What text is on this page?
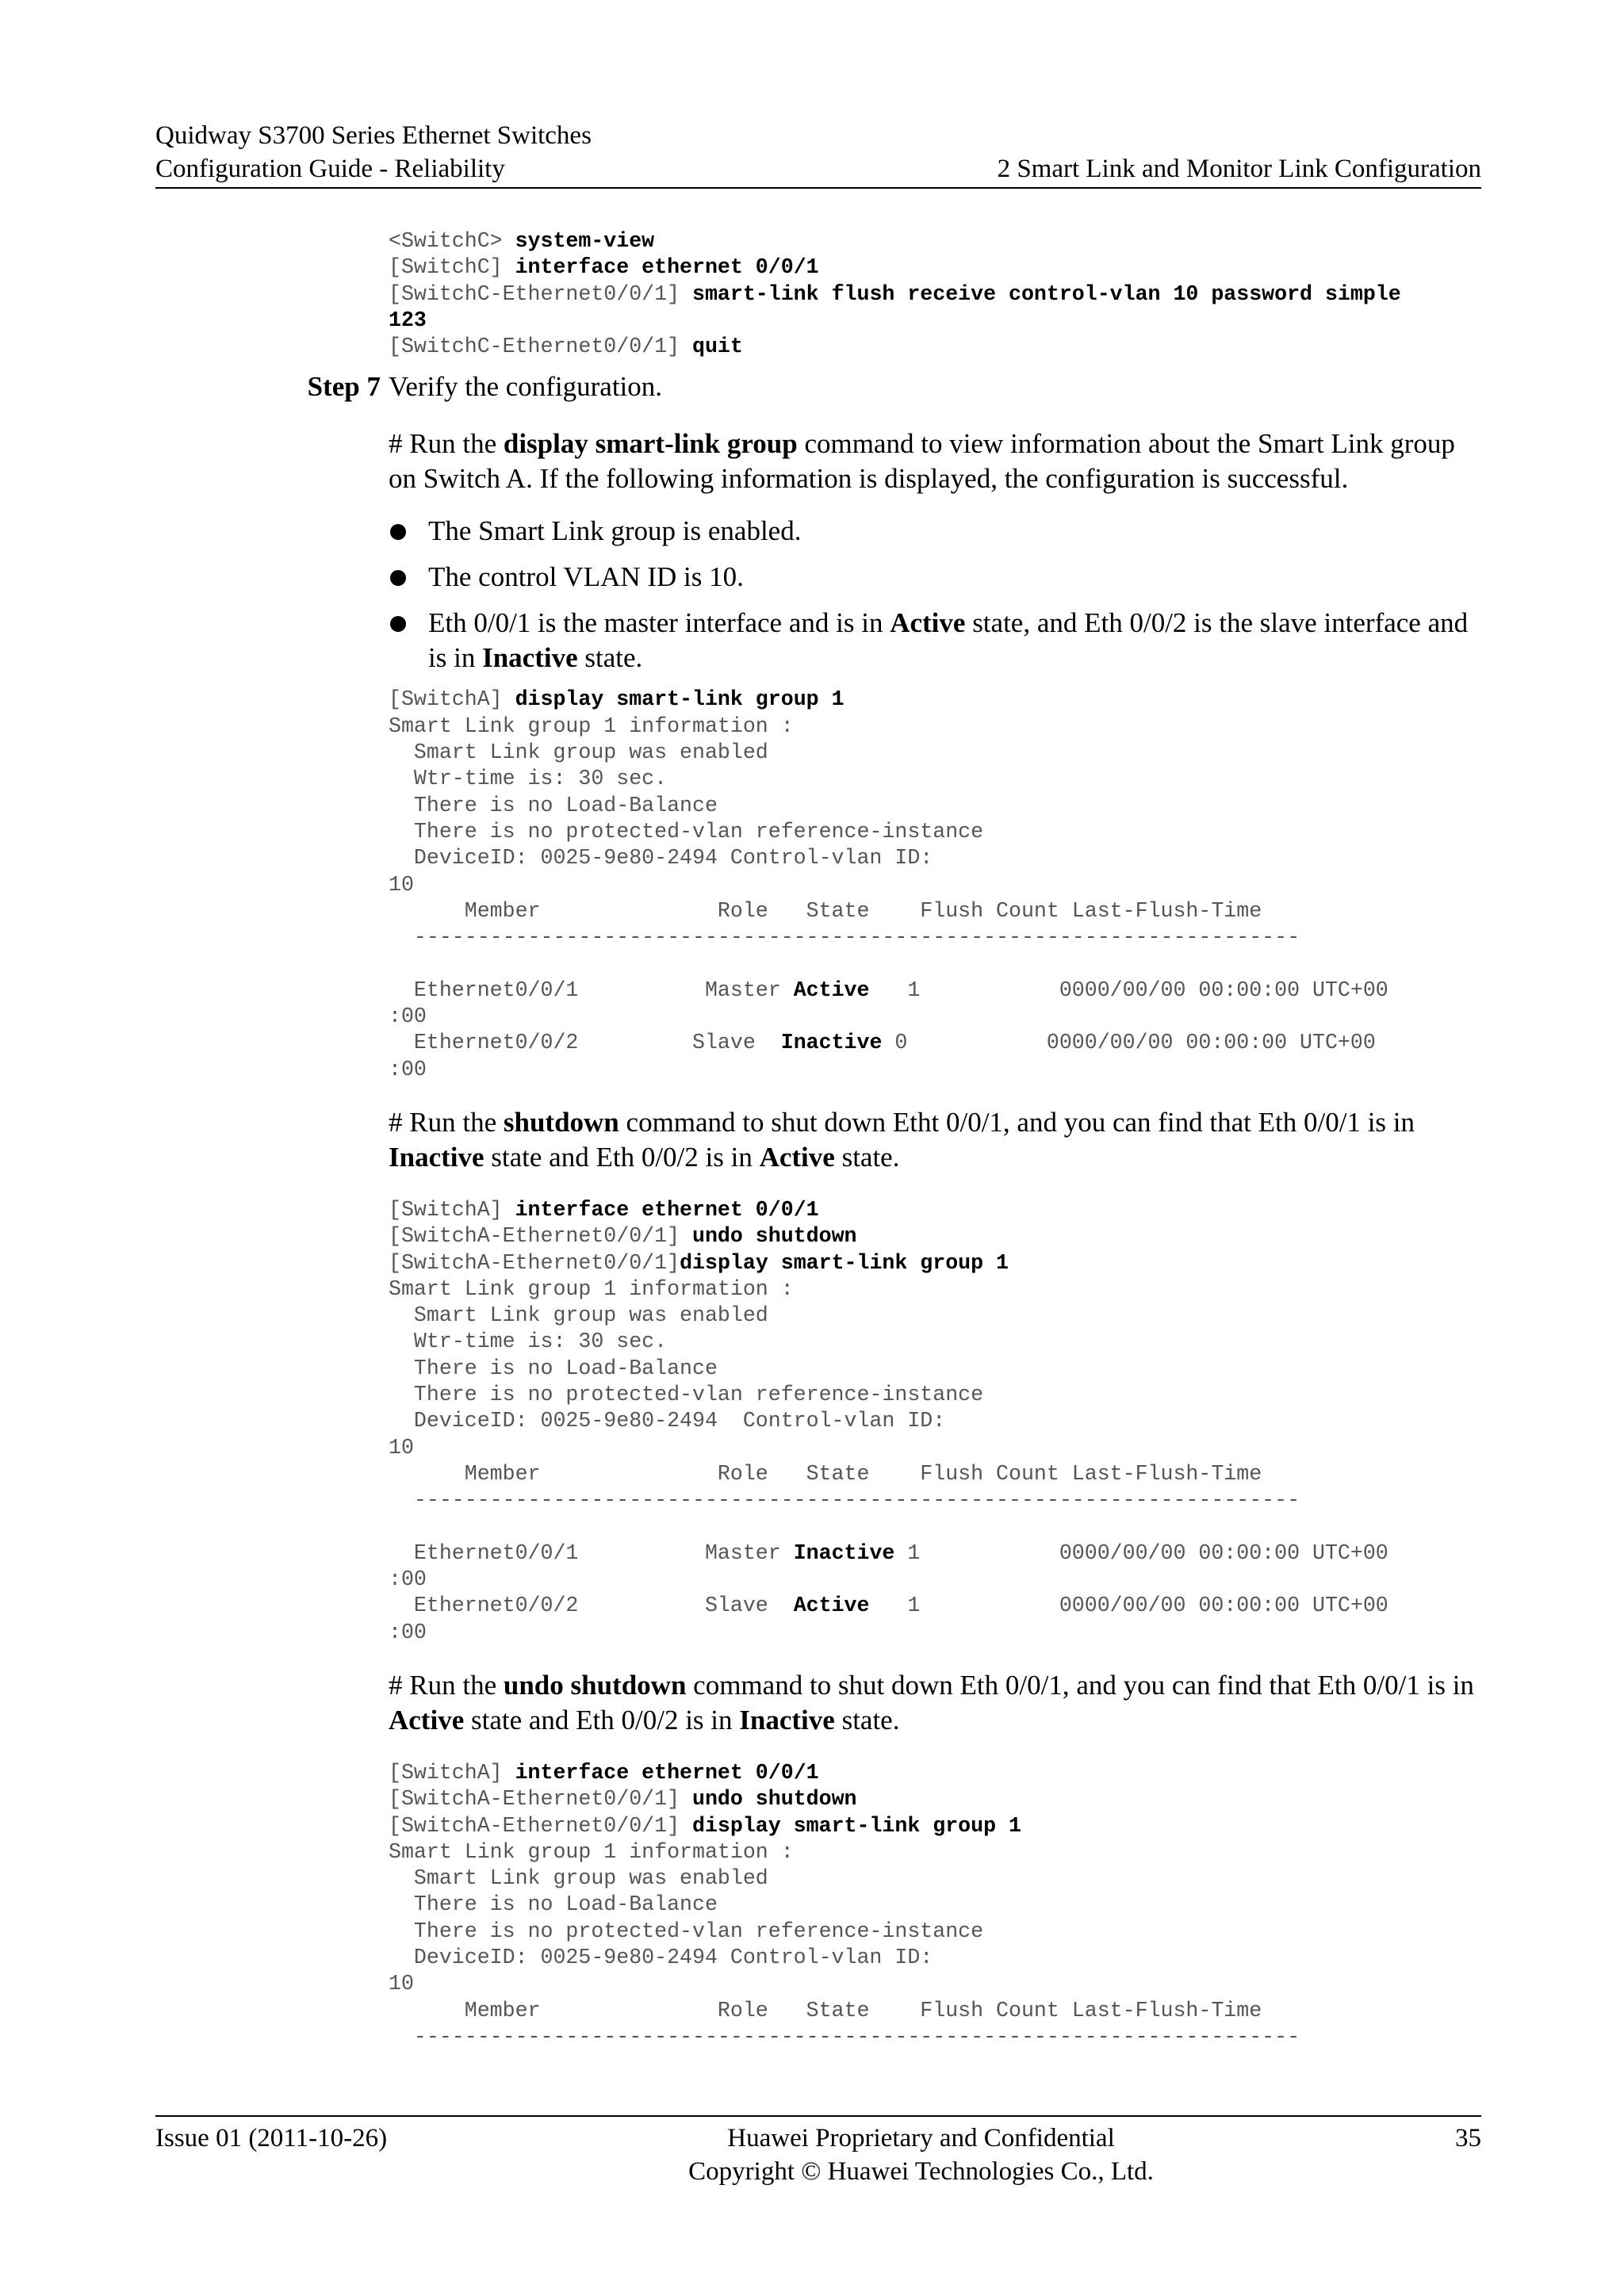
Quidway S3700 Series Ethernet Switches
Configuration Guide - Reliability	2 Smart Link and Monitor Link Configuration
<SwitchC> system-view
[SwitchC] interface ethernet 0/0/1
[SwitchC-Ethernet0/0/1] smart-link flush receive control-vlan 10 password simple
123
[SwitchC-Ethernet0/0/1] quit
Step 7 Verify the configuration.

# Run the display smart-link group command to view information about the Smart Link group on Switch A. If the following information is displayed, the configuration is successful.

The Smart Link group is enabled.
The control VLAN ID is 10.
Eth 0/0/1 is the master interface and is in Active state, and Eth 0/0/2 is the slave interface and is in Inactive state.
[SwitchA] display smart-link group 1
Smart Link group 1 information :
Smart Link group was enabled
Wtr-time is: 30 sec.
There is no Load-Balance
There is no protected-vlan reference-instance
DeviceID: 0025-9e80-2494 Control-vlan ID:
10
Member              Role   State    Flush Count Last-Flush-Time
----------------------------------------------------------------------

Ethernet0/0/1          Master Active   1           0000/00/00 00:00:00 UTC+00
:00
Ethernet0/0/2         Slave  Inactive 0           0000/00/00 00:00:00 UTC+00
:00

# Run the shutdown command to shut down Etht 0/0/1, and you can find that Eth 0/0/1 is in Inactive state and Eth 0/0/2 is in Active state.

[SwitchA] interface ethernet 0/0/1
[SwitchA-Ethernet0/0/1] undo shutdown
[SwitchA-Ethernet0/0/1]display smart-link group 1
Smart Link group 1 information :
Smart Link group was enabled
Wtr-time is: 30 sec.
There is no Load-Balance
There is no protected-vlan reference-instance
DeviceID: 0025-9e80-2494  Control-vlan ID:
10
Member              Role   State    Flush Count Last-Flush-Time
----------------------------------------------------------------------

Ethernet0/0/1          Master Inactive 1           0000/00/00 00:00:00 UTC+00
:00
Ethernet0/0/2          Slave  Active   1           0000/00/00 00:00:00 UTC+00
:00

# Run the undo shutdown command to shut down Eth 0/0/1, and you can find that Eth 0/0/1 is in Active state and Eth 0/0/2 is in Inactive state.

[SwitchA] interface ethernet 0/0/1
[SwitchA-Ethernet0/0/1] undo shutdown
[SwitchA-Ethernet0/0/1] display smart-link group 1
Smart Link group 1 information :
Smart Link group was enabled
There is no Load-Balance
There is no protected-vlan reference-instance
DeviceID: 0025-9e80-2494 Control-vlan ID:
10
Member              Role   State    Flush Count Last-Flush-Time
----------------------------------------------------------------------
Issue 01 (2011-10-26)	Huawei Proprietary and Confidential
Copyright © Huawei Technologies Co., Ltd.
35
